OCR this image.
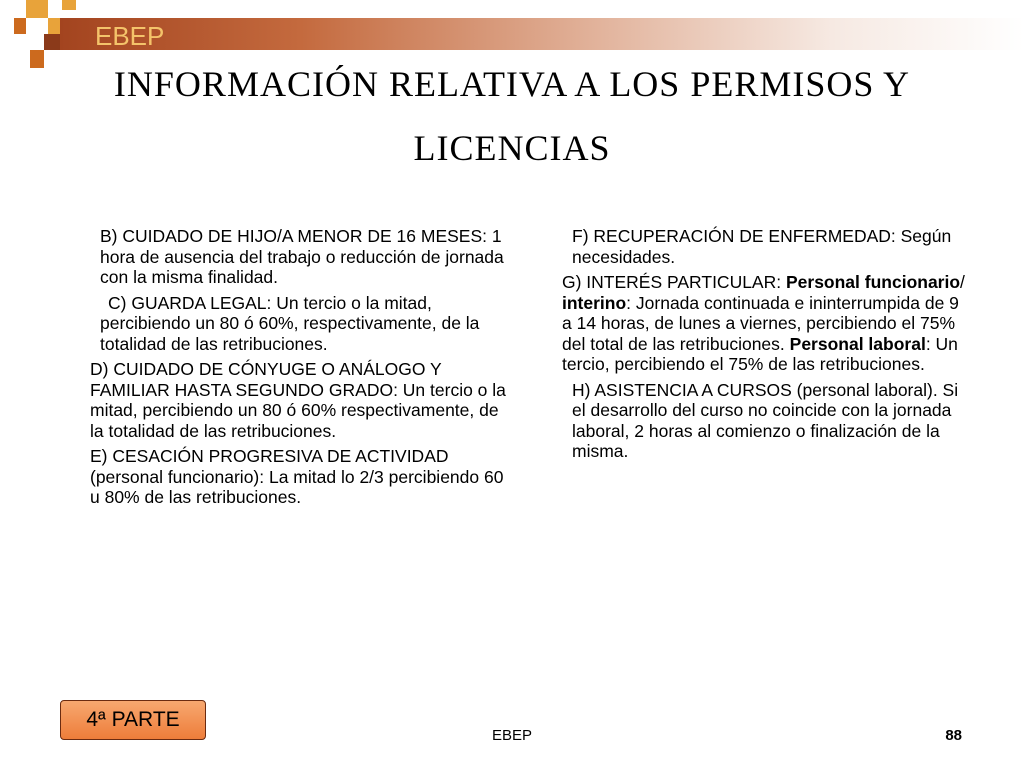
EBEP
INFORMACIÓN RELATIVA A LOS PERMISOS Y
LICENCIAS

B) CUIDADO DE HIJO/A MENOR DE 16 MESES: 1 hora de ausencia del trabajo o reducción de jornada con la misma finalidad.

C) GUARDA LEGAL: Un tercio o la mitad, percibiendo un 80 ó 60%, respectivamente, de la totalidad de las retribuciones.

D) CUIDADO DE CÓNYUGE O ANÁLOGO Y FAMILIAR HASTA SEGUNDO GRADO: Un tercio o la mitad, percibiendo un 80 ó 60% respectivamente, de la totalidad de las retribuciones.

E) CESACIÓN PROGRESIVA DE ACTIVIDAD (personal funcionario): La mitad lo 2/3 percibiendo 60 u 80% de las retribuciones.

F) RECUPERACIÓN DE ENFERMEDAD: Según necesidades.

G) INTERÉS PARTICULAR: Personal funcionario/ interino: Jornada continuada e ininterrumpida de 9 a 14 horas, de lunes a viernes, percibiendo el 75% del total de las retribuciones. Personal laboral: Un tercio, percibiendo el 75% de las retribuciones.

H) ASISTENCIA A CURSOS (personal laboral). Si el desarrollo del curso no coincide con la jornada laboral, 2 horas al comienzo o finalización de la misma.

4ª PARTE
EBEP	88
